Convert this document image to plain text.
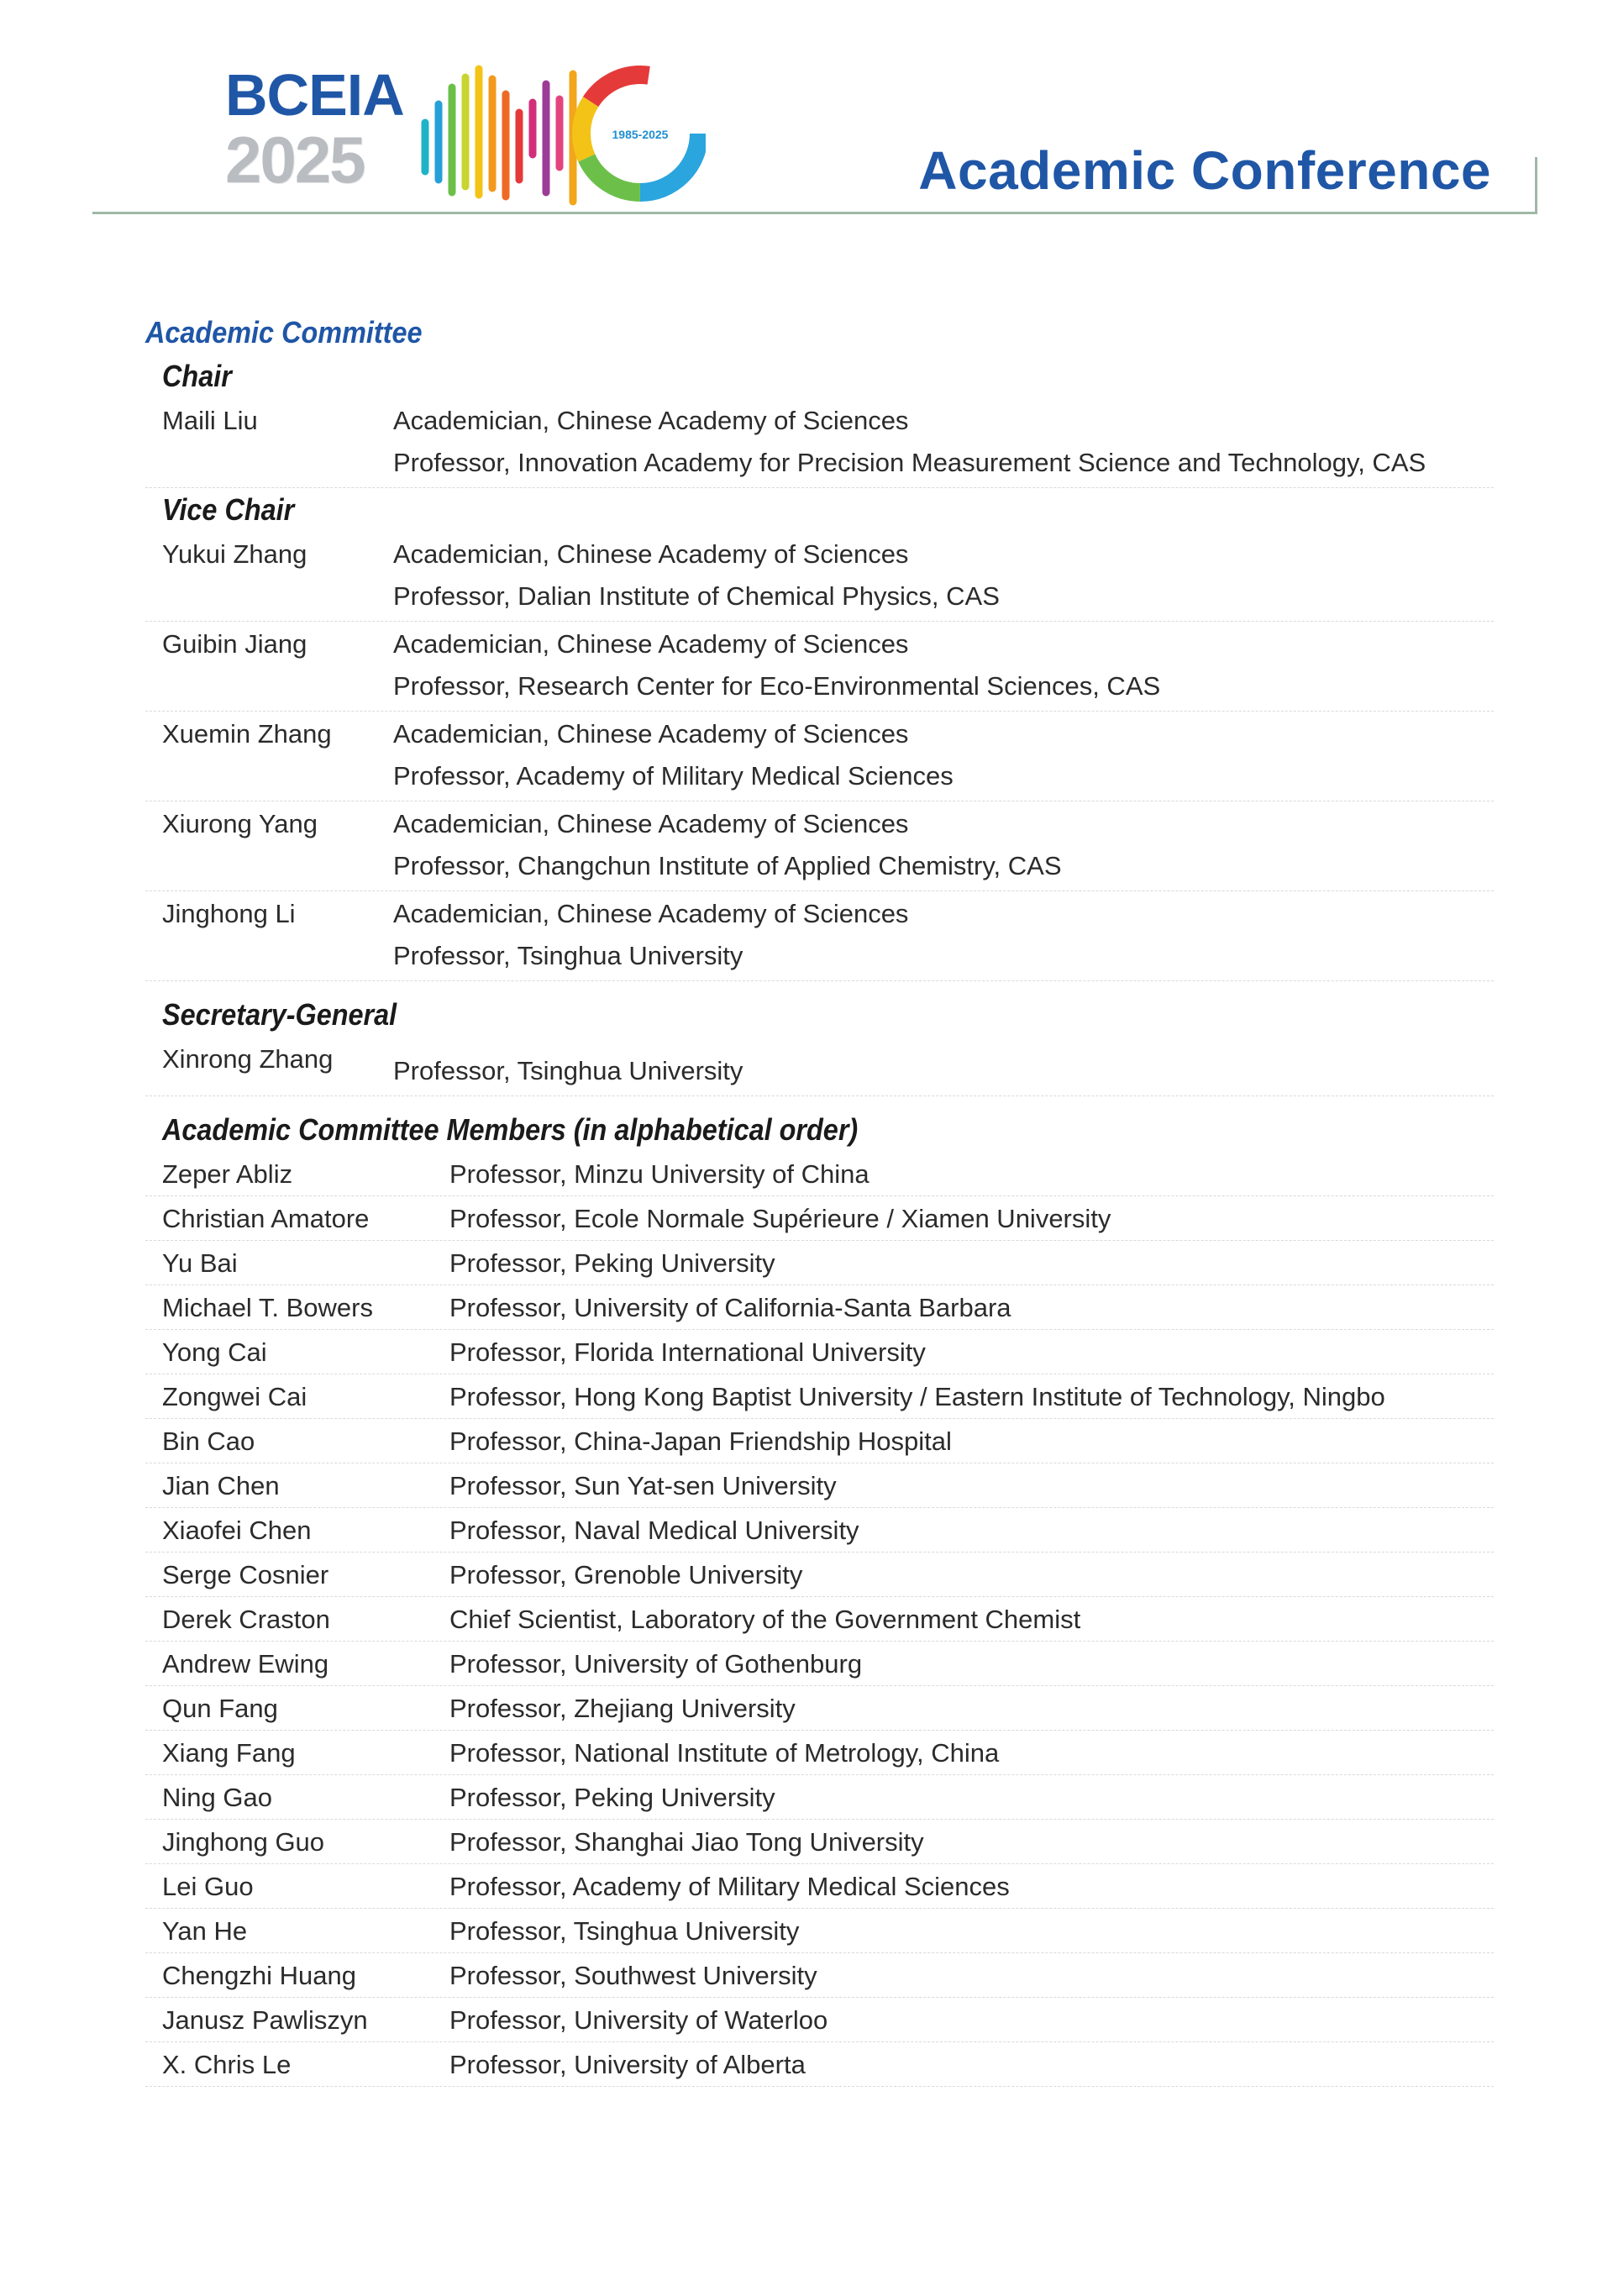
BCEIA
2025	1985-2025
Academic Conference
Academic Committee
Chair
Maili Liu	Academician, Chinese Academy of Sciences
Professor, Innovation Academy for Precision Measurement Science and Technology, CAS
Vice Chair
Yukui Zhang	Academician, Chinese Academy of Sciences
Professor, Dalian Institute of Chemical Physics, CAS
Guibin Jiang	Academician, Chinese Academy of Sciences
Professor, Research Center for Eco-Environmental Sciences, CAS
Xuemin Zhang	Academician, Chinese Academy of Sciences
Professor, Academy of Military Medical Sciences
Xiurong Yang	Academician, Chinese Academy of Sciences
Professor, Changchun Institute of Applied Chemistry, CAS
Jinghong Li	Academician, Chinese Academy of Sciences
Professor, Tsinghua University
Secretary-General
Xinrong Zhang	Professor, Tsinghua University
Academic Committee Members (in alphabetical order)
Zeper Abliz	Professor, Minzu University of China
Christian Amatore	Professor, Ecole Normale Supérieure / Xiamen University
Yu Bai	Professor, Peking University
Michael T. Bowers	Professor, University of California-Santa Barbara
Yong Cai	Professor, Florida International University
Zongwei Cai	Professor, Hong Kong Baptist University / Eastern Institute of Technology, Ningbo
Bin Cao	Professor, China-Japan Friendship Hospital
Jian Chen	Professor, Sun Yat-sen University
Xiaofei Chen	Professor, Naval Medical University
Serge Cosnier	Professor, Grenoble University
Derek Craston	Chief Scientist, Laboratory of the Government Chemist
Andrew Ewing	Professor, University of Gothenburg
Qun Fang	Professor, Zhejiang University
Xiang Fang	Professor, National Institute of Metrology, China
Ning Gao	Professor, Peking University
Jinghong Guo	Professor, Shanghai Jiao Tong University
Lei Guo	Professor, Academy of Military Medical Sciences
Yan He	Professor, Tsinghua University
Chengzhi Huang	Professor, Southwest University
Janusz Pawliszyn	Professor, University of Waterloo
X. Chris Le	Professor, University of Alberta
